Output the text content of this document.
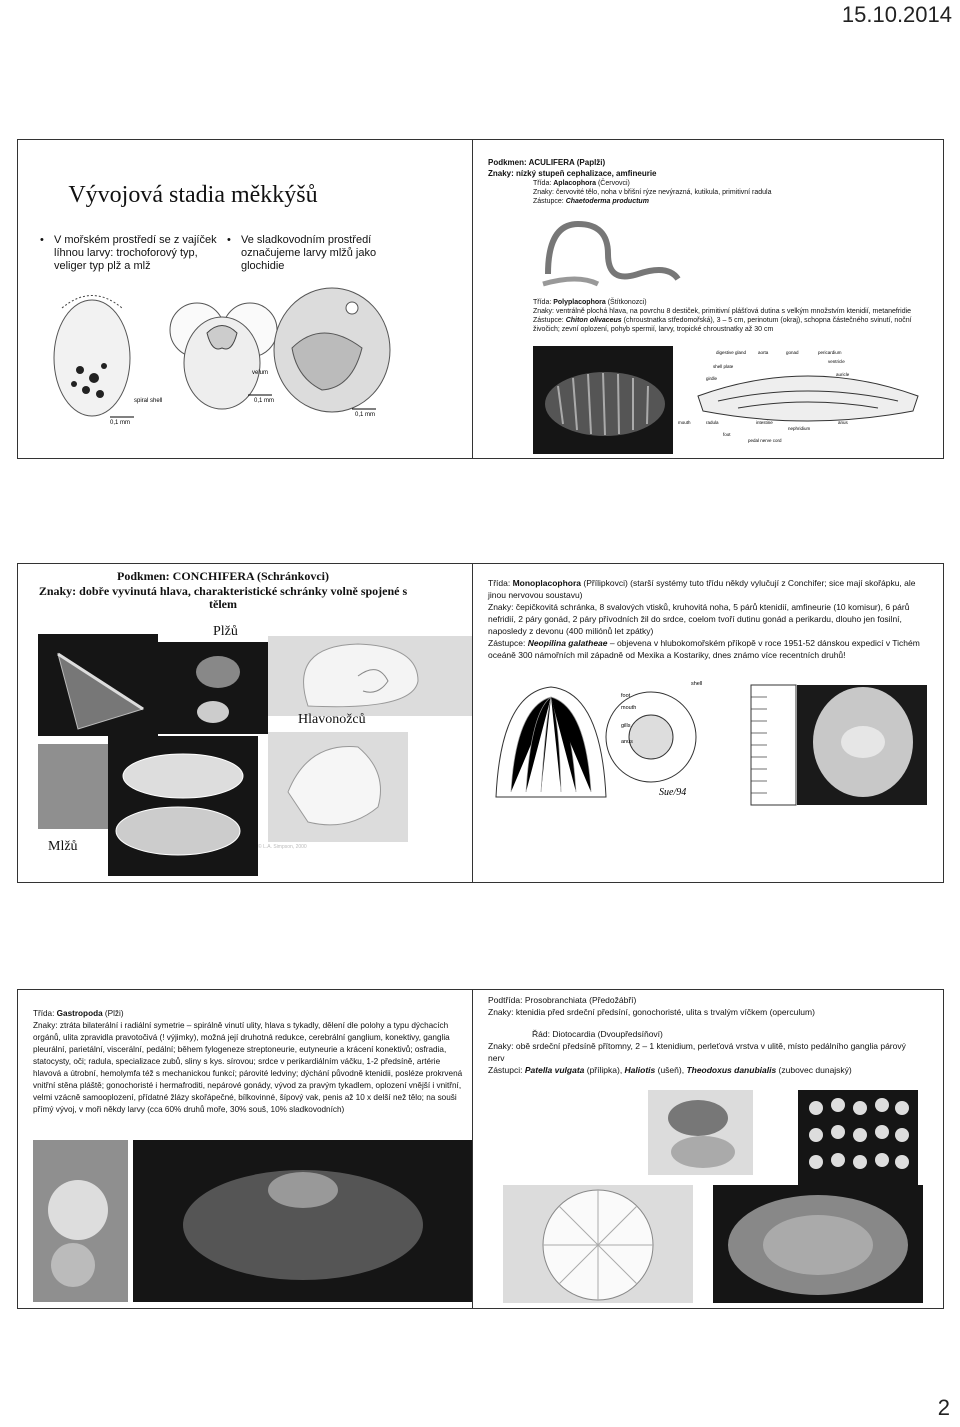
15.10.2014
Vývojová stadia měkkýšů
• V mořském prostředí se z vajíček líhnou larvy: trochoforový typ, veliger typ plž a mlž
• Ve sladkovodním prostředí označujeme larvy mlžů jako glochidie
velum
spiral shell
0,1 mm
0,1 mm
0,1 mm
Podkmen: ACULIFERA (Paplži)
Znaky: nízký stupeň cephalizace, amfineurie
Třída: Aplacophora (Červovci)
Znaky: červovité tělo, noha v břišní rýze nevýrazná, kutikula, primitivní radula
Zástupce: Chaetoderma productum
Třída: Polyplacophora (Štítkonozci)
Znaky: ventrálně plochá hlava, na povrchu 8 destiček, primitivní plášťová dutina s velkým množstvím ktenidií, metanefridie
Zástupce: Chiton olivaceus (chroustnatka středomořská), 3 – 5 cm, perinotum (okraj), schopna částečného svinutí, noční živočich; zevní oplození, pohyb spermií, larvy, tropické chroustnatky až 30 cm
digestive gland	aorta	gonad	pericardium
ventricle
shell plate
girdle
auricle
mouth	radula	intestine
nephridium
anus
foot
pedal nerve cord
Podkmen: CONCHIFERA (Schránkovci)
Znaky: dobře vyvinutá hlava, charakteristické schránky volně spojené s tělem
Plžů
Hlavonožců
Mlžů	© L.A. Simpson, 2000
Třída: Monoplacophora (Přílipkovci) (starší systémy tuto třídu někdy vylučují z Conchifer; sice mají skořápku, ale jinou nervovou soustavu)
Znaky: čepičkovitá schránka, 8 svalových vtisků, kruhovitá noha, 5 párů ktenidií, amfineurie (10 komisur), 6 párů nefridií, 2 páry gonád, 2 páry přívodních žil do srdce, coelom tvoří dutinu gonád a perikardu, dlouho jen fosilní, naposledy z devonu (400 miliónů let zpátky)
Zástupce: Neopilina galatheae – objevena v hlubokomořském příkopě v roce 1951-52 dánskou expedicí v Tichém oceáně 300 námořních mil západně od Mexika a Kostariky, dnes známo více recentních druhů!
shell
foot
mouth
gills
anus
Sue/94
Třída: Gastropoda (Plži)
Znaky: ztráta bilaterální i radiální symetrie – spirálně vinutí ulity, hlava s tykadly, dělení dle polohy a typu dýchacích orgánů, ulita zpravidla pravotočivá (! výjimky), možná její druhotná redukce, cerebrální ganglium, konektivy, ganglia pleurální, parietální, viscerální, pedální; během fylogeneze streptoneurie, eutyneurie a krácení konektivů; osfradia, statocysty, oči; radula, specializace zubů, sliny s kys. sírovou; srdce v perikardiálním váčku, 1-2 předsíně, artérie hlavová a útrobní, hemolymfa též s mechanickou funkcí; párovité ledviny; dýchání původně ktenidii, posléze prokrvená vnitřní stěna pláště; gonochoristé i hermafroditi, nepárové gonády, vývod za pravým tykadlem, oplození vnější i vnitřní, velmi vzácně samooplození, přídatné žlázy skořápečné, bílkovinné, šípový vak, penis až 10 x delší než tělo; na souši přímý vývoj, v moři někdy larvy (cca 60% druhů moře, 30% souš, 10% sladkovodních)
Podtřída: Prosobranchiata (Předožábří)
Znaky: ktenidia před srdeční předsíní, gonochoristé, ulita s trvalým víčkem (operculum)
Řád: Diotocardia (Dvoupředsíňoví)
Znaky: obě srdeční předsíně přítomny, 2 – 1 ktenidium, perleťová vrstva v ulitě, místo pedálního ganglia párový nerv
Zástupci: Patella vulgata (přílipka), Haliotis (ušeň), Theodoxus danubialis (zubovec dunajský)
2
